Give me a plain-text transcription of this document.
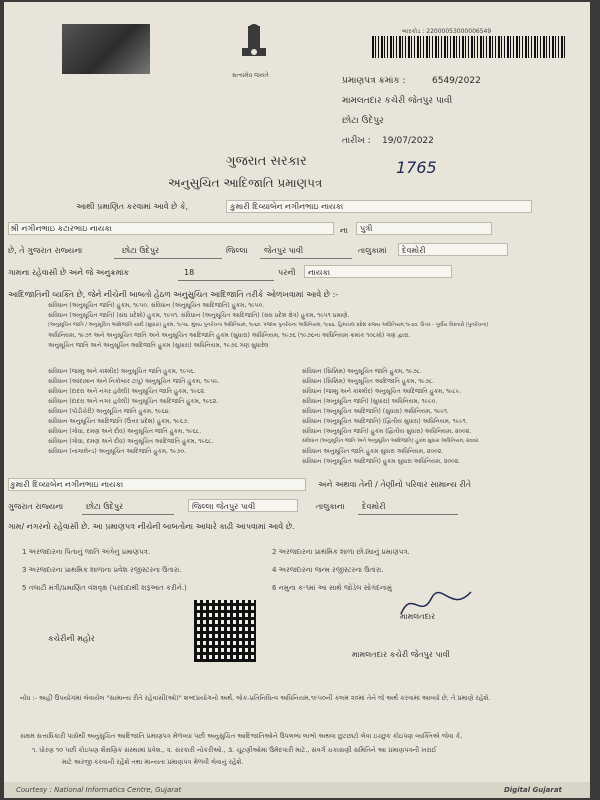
સત્યમેવ જયતે
બારકોડ : 22000053000006549
પ્રમાણપત્ર ક્રમાંક :	6549/2022
મામલતદાર કચેરી જેતપુર પાવી
છોટા ઉદેપુર
તારીખ : 19/07/2022
ગુજરાત સરકાર	1765
અનુસુચિત આદિજાતિ પ્રમાણપત્ર
આથી પ્રમાણિત કરવામાં આવે છે કે,	કુમારી દિવ્યાબેન નગીનભાઇ નાયકા
શ્રી નગીનભાઇ કટારભાઇ નાયકા	ના પુત્રી
છે, તે ગુજરાત રાજ્યના	છોટા ઉદેપુર	જિલ્લા જેતપુર પાવી	તાલુકામાં દેવમોરી
ગામના રહેવાસી છે અને જે અનુક્રમાંક	18	પરની નાયકા
આદિજાતિની વ્યક્તિ છે, જેને નીચેની બાબતો હેઠળ અનુસુચિત આદિજાતિ તરીકે ઓળખવામાં આવે છે :-
સંવિધાન (અનુસૂચિત જાતિ) હુકમ, ૧૯૫૦. સંવિધાન (અનુસૂચિત આદિજાતિ) હુકમ, ૧૯૫૦.
સંવિધાન (અનુસૂચિત જાતિ) (સંઘ પ્રદેશો) હુકમ, ૧૯૫૧. સંવિધાન (અનુસૂચિત આદિજાતિ) (સંઘ પ્રદેશ ક્ષેત્ર) હુકમ, ૧૯૫૧ પ્રમાણે.
(અનુસૂચિત જાતિ / અનુસૂચિત આદિજાતિ યાદી (સુધારા) હુકમ, ૧૯૫૬. મુંબઇ પુનર્રચના અધિનિયમ, ૧૯૬૦. પંજાબ પુનર્રચના અધિનિયમ, ૧૯૬૬. હિમાચલ પ્રદેશ રાજ્ય અધિનિયમ,૧૯૭૦. ઉત્તર - પૂર્વીય વિસ્તારો (પુનર્રચના)
અધિનિયમ, ૧૯૭૧ અને અનુસૂચિત જાતિ અને અનુસૂચિત આદિજાતિ હુકમ (સુધારા) અધિનિયમ, ૧૯૭૬ (૧૯૭૬ના અધિનિયમ ક્રમાંક ૧૦૮મો) ગણ દ્વારા.
અનુસૂચિત જાતિ અને અનુસૂચિત આદિજાતિ હુકમ (સુધારા) અધિનિયમ, ૧૯૭૬ ગણ સુધારેલ
સંવિધાન (જમ્મુ અને કાશ્મીર) અનુસૂચિત જાતિ હુકમ, ૧૯૫૬.
સંવિધાન (આંદામાન અને નિકોબાર ટાપુ) અનુસૂચિત જાતિ હુકમ, ૧૯૫૯.
સંવિધાન (દાદરા અને નગર હવેલી) અનુસૂચિત જાતિ હુકમ, ૧૯૬૨.
સંવિધાન (દાદરા અને નગર હવેલી) અનુસૂચિત આદિજાતિ હુકમ, ૧૯૬૨.
સંવિધાન (પોંડીચેરી) અનુસૂચિત જાતિ હુકમ, ૧૯૬૪.
સંવિધાન અનુસૂચિત આદિજાતિ (ઉત્તર પ્રદેશ) હુકમ, ૧૯૬૭.
સંવિધાન (ગોવા, દમણ અને દીવ) અનુસૂચિત જાતિ હુકમ, ૧૯૬૮.
સંવિધાન (ગોવા, દમણ અને દીવ) અનુસૂચિત આદિજાતિ હુકમ, ૧૯૬૮.
સંવિધાન (નાગાલેન્ડ) અનુસૂચિત આદિજાતિ હુકમ, ૧૯૭૦.
સંવિધાન (સિક્કિમ) અનુસૂચિત જાતિ હુકમ, ૧૯૭૮.
સંવિધાન (સિક્કિમ) અનુસૂચિત આદિજાતિ હુકમ, ૧૯૭૮.
સંવિધાન (જમ્મુ અને કાશ્મીર) અનુસૂચિત આદિજાતિ હુકમ, ૧૯૮૯.
સંવિધાન (અનુસૂચિત જાતિ) (સુધારા) અધિનિયમ, ૧૯૯૦.
સંવિધાન (અનુસૂચિત આદિજાતિ) (સુધારા) અધિનિયમ, ૧૯૯૧.
સંવિધાન (અનુસૂચિત આદિજાતિ) (દ્વિતીય સુધારા) અધિનિયમ, ૧૯૯૧.
સંવિધાન (અનુસૂચિત જાતિ) હુકમ (દ્વિતીય સુધારા) અધિનિયમ, ૨૦૦૨.
સંવિધાન (અનુસૂચિત જાતિ અને અનુસૂચિત આદિજાતિ) હુકમ સુધારા અધિનિયમ, ૨૦૦૨.
સંવિધાન અનુસૂચિત જાતિ હુકમ સુધારા અધિનિયમ, ૨૦૦૨.
સંવિધાન (અનુસૂચિત આદિજાતિ) હુકમ સુધારા અધિનિયમ, ૨૦૦૨.
કુમારી દિવ્યાબેન નગીનભાઇ નાયકા	અને અથવા તેની / તેણીનો પરિવાર સામાન્ય રીતે
ગુજરાત રાજ્યના	છોટા ઉદેપુર	જિલ્લા જેતપુર પાવી	તાલુકાના દેવમોરી
ગામ/ નગરનો રહેવાસી છે. આ પ્રમાણપત્ર નીચેની બાબતોના આધારે કાઢી આપવામાં આવે છે.
1 અરજદારના પિતાનું જાતિ અંગેનુ પ્રમાણપત્ર.	2 અરજદારના પ્રાથમિક શાળા છોડ્યાનું પ્રમાણપત્ર.
3 અરજદારના પ્રાથમિક શાળાના પ્રવેશ રજીસ્ટરના ઉતારા.	4 અરજદારના જન્મ રજીસ્ટરના ઉતારા.
5 તલાટી મંત્રી/પ્રમાણિત વંશવૃક્ષ (પરદાદાથી શરૂઆત કરીને.)	6 નમુના ક-૧માં આ સાથે જોડેલ સોગંદનામું
કચેરીની મહોર
મામલતદાર
મામલતદાર કચેરી જેતપુર પાવી
નોંધ :- અહીં ઉપયોગમાં લેવાયેલ "સામાન્ય રીતે રહેવાસી(ઓ)" શબ્દપ્રયોગનો અર્થ, લોક-પ્રતિનિધિત્વ અધિનિયમ,૧૯૫૦ની કલમ ૨૦માં તેને જે અર્થ કરવામાં આવ્યો છે, તે પ્રમાણે રહેશે.
સક્ષમ સત્તાધિકારી પાસેથી અનુસુચિત આદિજાતિ પ્રમાણપત્ર મેળવ્યા પછી અનુસુચિત આદિજાતિઓને ઉપલબ્ધ લાભો અથવા છુટછાટો લેવા ઇચ્છુક કોઇપણ વ્યક્તિએ જેવા કે,
૧. ધોરણ ૧૦ પછી કોઇપણ શૈક્ષણિક સંસ્થામાં પ્રવેશ., ૨. સરકારી નોકરીઓ., ૩. ચૂંટણીઓમાં ઉમેદવારી માટે., સંવર્ગ ચકાસણી સમિતિને આ પ્રમાણપત્રની ખરાઈ
માટે અરજી કરવાની રહેશે તથા માન્યતા પ્રમાણપત્ર મેળવી લેવાનું રહેશે.
Courtesy : National Informatics Centre, Gujarat	Digital Gujarat
